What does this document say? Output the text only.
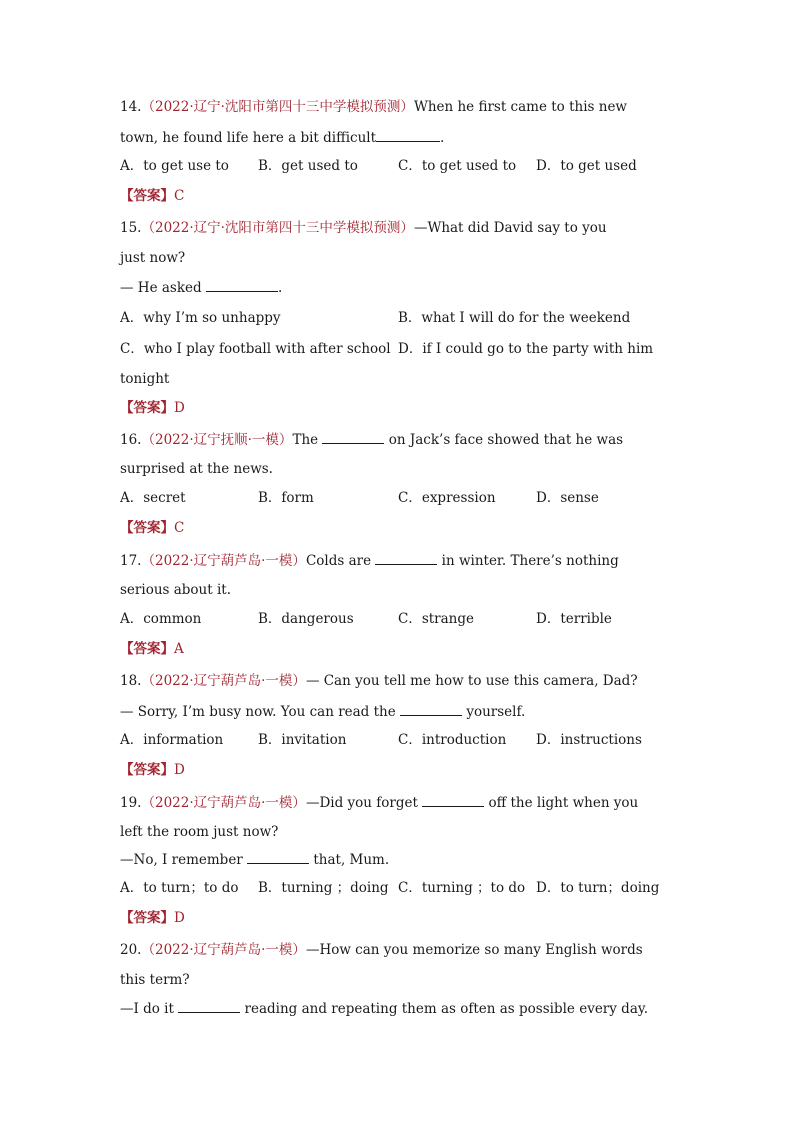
14.（2022·辽宁·沈阳市第四十三中学模拟预测）When he first came to this new
town, he found life here a bit difficult	.
A．to get use to B．get used to	C．to get used to D．to get used
【答案】C
15.（2022·辽宁·沈阳市第四十三中学模拟预测）—What did David say to you
just now?
— He asked	.
A．why I’m so unhappy	B．what I will do for the weekend
C．who I play football with after school D．if I could go to the party with him
tonight
【答案】D
16.（2022·辽宁抚顺·一模）The	on Jack’s face showed that he was
surprised at the news.
A．secret	B．form	C．expression	D．sense
【答案】C
17.（2022·辽宁葫芦岛·一模）Colds are	in winter. There’s nothing
serious about it.
A．common	B．dangerous	C．strange	D．terrible
【答案】A
18.（2022·辽宁葫芦岛·一模）— Can you tell me how to use this camera, Dad?
— Sorry, I’m busy now. You can read the	yourself.
A．information	B．invitation	C．introduction D．instructions
【答案】D
19.（2022·辽宁葫芦岛·一模）—Did you forget	off the light when you
left the room just now?
—No, I remember	that, Mum.
A．to turn；to do B．turning ；doing C．turning ；to do D．to turn；doing
【答案】D
20.（2022·辽宁葫芦岛·一模）—How can you memorize so many English words
this term?
—I do it	reading and repeating them as often as possible every day.
